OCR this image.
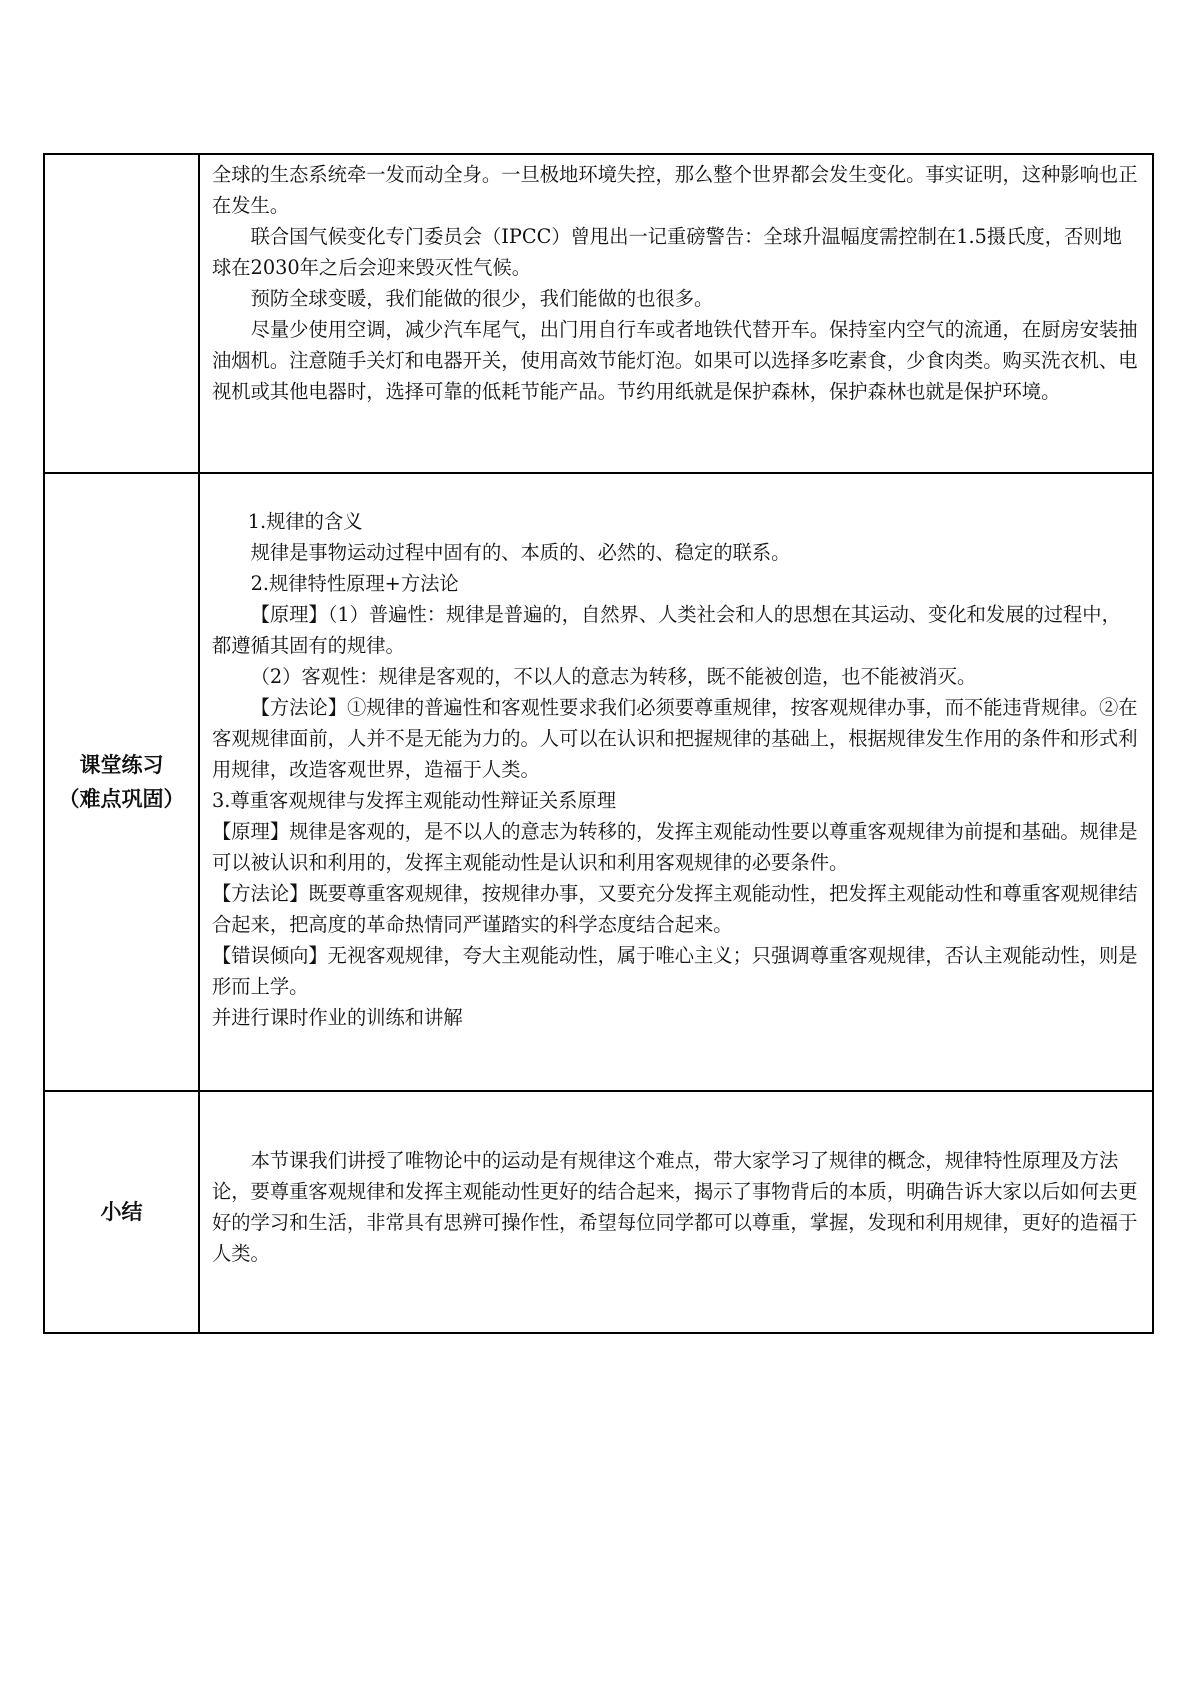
全球的生态系统牵一发而动全身。一旦极地环境失控，那么整个世界都会发生变化。事实证明，这种影响也正在发生。

联合国气候变化专门委员会（IPCC）曾甩出一记重磅警告：全球升温幅度需控制在1.5摄氏度，否则地球在2030年之后会迎来毁灭性气候。

预防全球变暖，我们能做的很少，我们能做的也很多。

尽量少使用空调，减少汽车尾气，出门用自行车或者地铁代替开车。保持室内空气的流通，在厨房安装抽油烟机。注意随手关灯和电器开关，使用高效节能灯泡。如果可以选择多吃素食，少食肉类。购买洗衣机、电视机或其他电器时，选择可靠的低耗节能产品。节约用纸就是保护森林，保护森林也就是保护环境。

课堂练习
（难点巩固）

1.规律的含义

规律是事物运动过程中固有的、本质的、必然的、稳定的联系。

2.规律特性原理+方法论

【原理】（1）普遍性：规律是普遍的，自然界、人类社会和人的思想在其运动、变化和发展的过程中，都遵循其固有的规律。

（2）客观性：规律是客观的，不以人的意志为转移，既不能被创造，也不能被消灭。

【方法论】①规律的普遍性和客观性要求我们必须要尊重规律，按客观规律办事，而不能违背规律。②在客观规律面前，人并不是无能为力的。人可以在认识和把握规律的基础上，根据规律发生作用的条件和形式利用规律，改造客观世界，造福于人类。

3.尊重客观规律与发挥主观能动性辩证关系原理

【原理】规律是客观的，是不以人的意志为转移的，发挥主观能动性要以尊重客观规律为前提和基础。规律是可以被认识和利用的，发挥主观能动性是认识和利用客观规律的必要条件。

【方法论】既要尊重客观规律，按规律办事，又要充分发挥主观能动性，把发挥主观能动性和尊重客观规律结合起来，把高度的革命热情同严谨踏实的科学态度结合起来。

【错误倾向】无视客观规律，夸大主观能动性，属于唯心主义；只强调尊重客观规律，否认主观能动性，则是形而上学。

并进行课时作业的训练和讲解

小结

本节课我们讲授了唯物论中的运动是有规律这个难点，带大家学习了规律的概念，规律特性原理及方法论，要尊重客观规律和发挥主观能动性更好的结合起来，揭示了事物背后的本质，明确告诉大家以后如何去更好的学习和生活，非常具有思辨可操作性，希望每位同学都可以尊重，掌握，发现和利用规律，更好的造福于人类。
